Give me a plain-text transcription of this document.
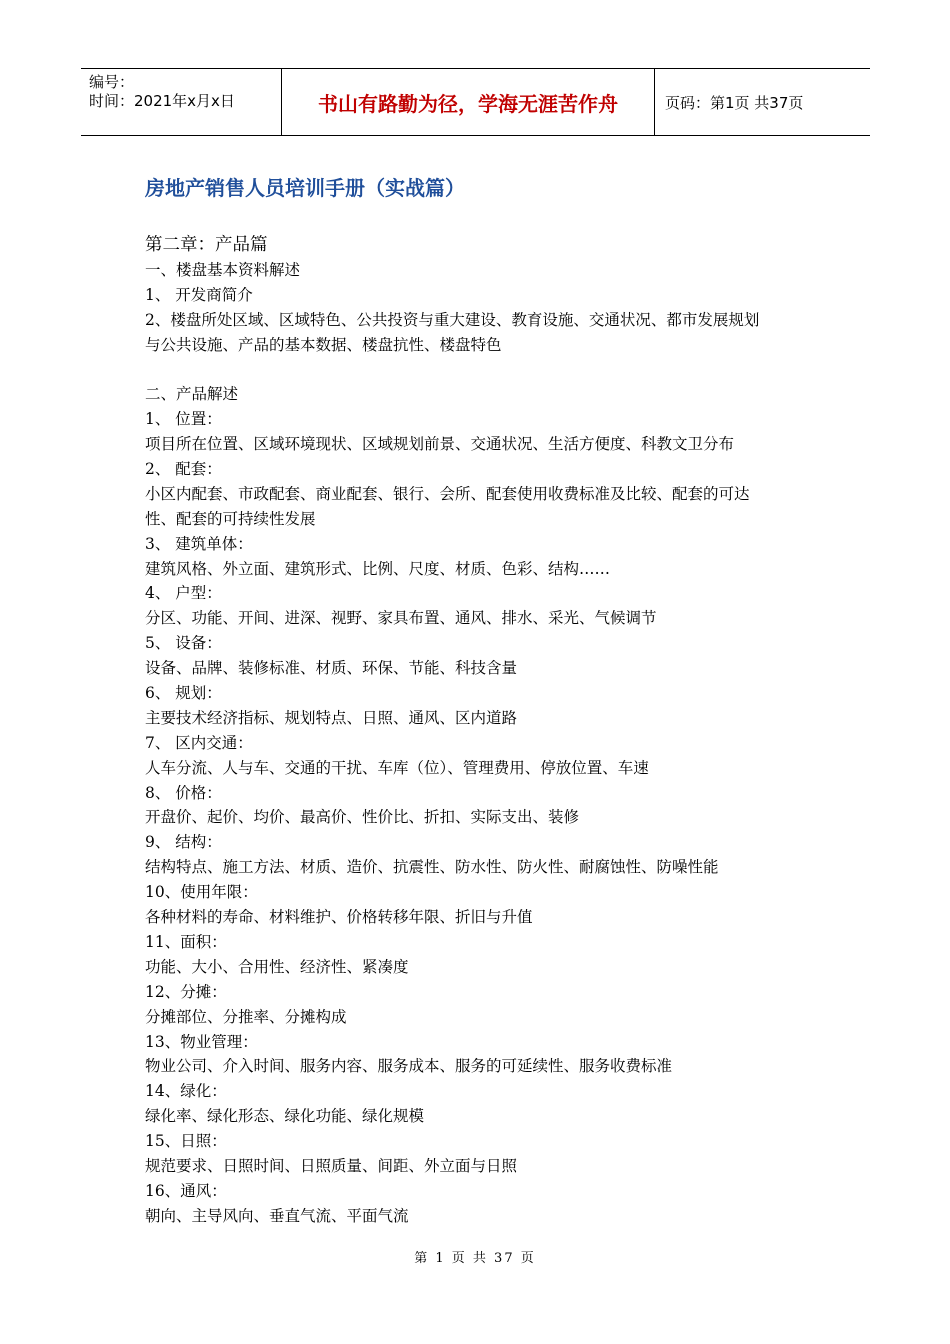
编号：
时间：2021年x月x日	书山有路勤为径，学海无涯苦作舟	页码：第1页 共37页
房地产销售人员培训手册（实战篇）
第二章：产品篇
一、楼盘基本资料解述
1、 开发商简介
2、楼盘所处区域、区域特色、公共投资与重大建设、教育设施、交通状况、都市发展规划
与公共设施、产品的基本数据、楼盘抗性、楼盘特色
二、产品解述
1、 位置：
项目所在位置、区域环境现状、区域规划前景、交通状况、生活方便度、科教文卫分布
2、 配套：
小区内配套、市政配套、商业配套、银行、会所、配套使用收费标准及比较、配套的可达
性、配套的可持续性发展
3、 建筑单体：
建筑风格、外立面、建筑形式、比例、尺度、材质、色彩、结构……
4、 户型：
分区、功能、开间、进深、视野、家具布置、通风、排水、采光、气候调节
5、 设备：
设备、品牌、装修标准、材质、环保、节能、科技含量
6、 规划：
主要技术经济指标、规划特点、日照、通风、区内道路
7、 区内交通：
人车分流、人与车、交通的干扰、车库（位）、管理费用、停放位置、车速
8、 价格：
开盘价、起价、均价、最高价、性价比、折扣、实际支出、装修
9、 结构：
结构特点、施工方法、材质、造价、抗震性、防水性、防火性、耐腐蚀性、防噪性能
10、使用年限：
各种材料的寿命、材料维护、价格转移年限、折旧与升值
11、面积：
功能、大小、合用性、经济性、紧凑度
12、分摊：
分摊部位、分推率、分摊构成
13、物业管理：
物业公司、介入时间、服务内容、服务成本、服务的可延续性、服务收费标准
14、绿化：
绿化率、绿化形态、绿化功能、绿化规模
15、日照：
规范要求、日照时间、日照质量、间距、外立面与日照
16、通风：
朝向、主导风向、垂直气流、平面气流
第 1 页 共 37 页
